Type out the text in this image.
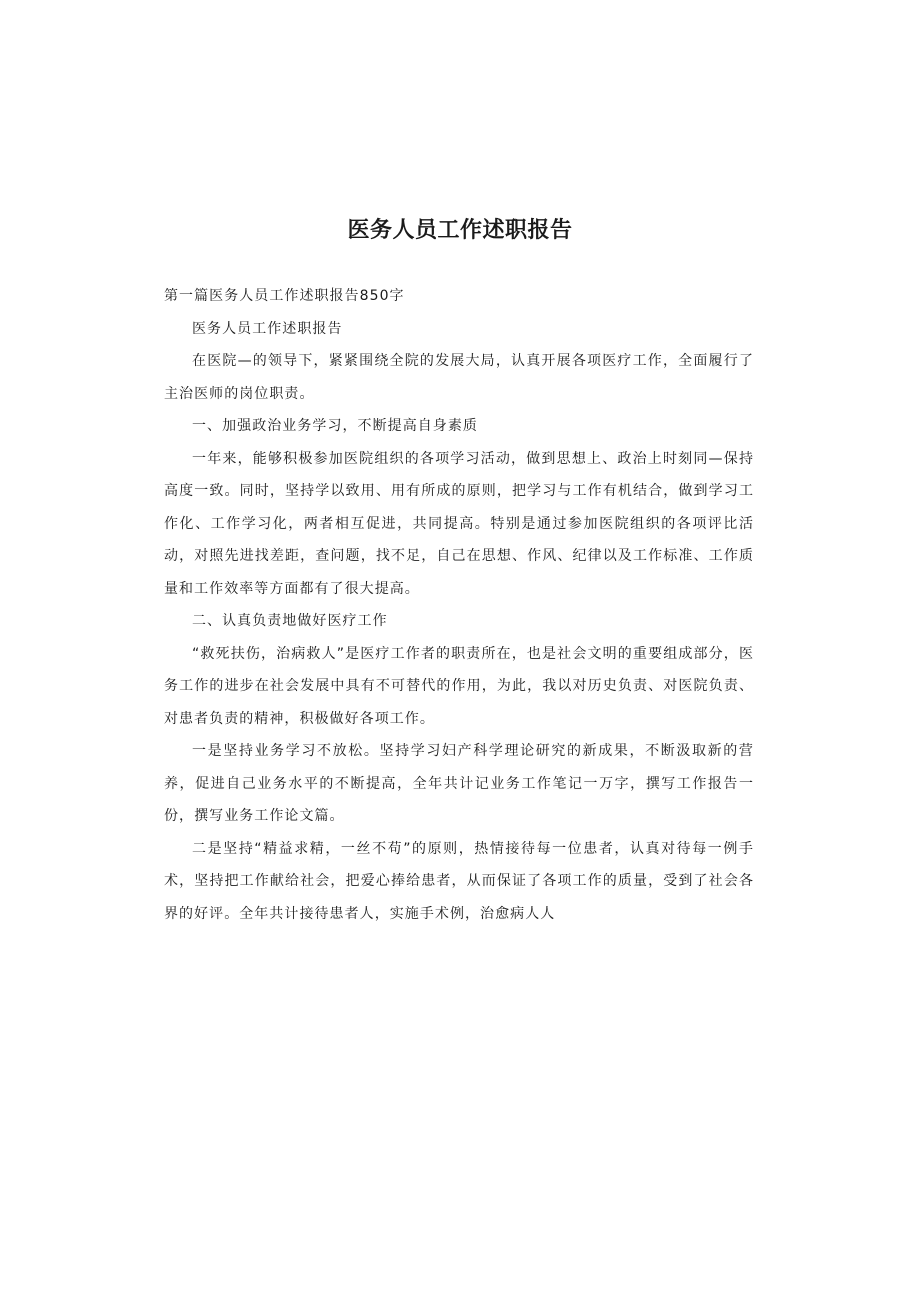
医务人员工作述职报告

第一篇医务人员工作述职报告850字

医务人员工作述职报告

在医院—的领导下，紧紧围绕全院的发展大局，认真开展各项医疗工作，全面履行了主治医师的岗位职责。

一、加强政治业务学习，不断提高自身素质

一年来，能够积极参加医院组织的各项学习活动，做到思想上、政治上时刻同—保持高度一致。同时，坚持学以致用、用有所成的原则，把学习与工作有机结合，做到学习工作化、工作学习化，两者相互促进，共同提高。特别是通过参加医院组织的各项评比活动，对照先进找差距，查问题，找不足，自己在思想、作风、纪律以及工作标准、工作质量和工作效率等方面都有了很大提高。

二、认真负责地做好医疗工作

“救死扶伤，治病救人”是医疗工作者的职责所在，也是社会文明的重要组成部分，医务工作的进步在社会发展中具有不可替代的作用，为此，我以对历史负责、对医院负责、对患者负责的精神，积极做好各项工作。

一是坚持业务学习不放松。坚持学习妇产科学理论研究的新成果，不断汲取新的营养，促进自己业务水平的不断提高，全年共计记业务工作笔记一万字，撰写工作报告一份，撰写业务工作论文篇。

二是坚持“精益求精，一丝不苟”的原则，热情接待每一位患者，认真对待每一例手术，坚持把工作献给社会，把爱心捧给患者，从而保证了各项工作的质量，受到了社会各界的好评。全年共计接待患者人，实施手术例，治愈病人人
